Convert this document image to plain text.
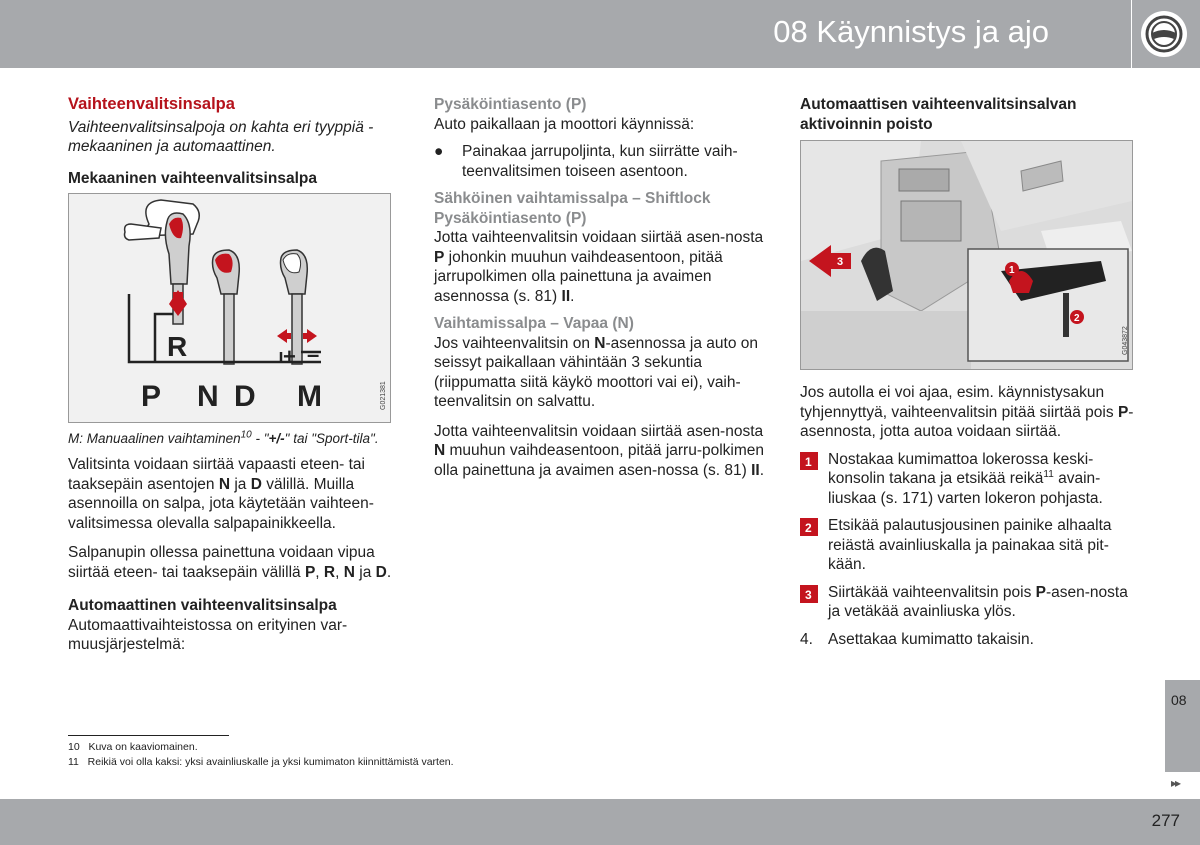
08 Käynnistys ja ajo
Vaihteenvalitsinsalpa

Vaihteenvalitsinsalpoja on kahta eri tyyppiä - mekaaninen ja automaattinen.

Mekaaninen vaihteenvalitsinsalpa
R	+ –
P N D M	G021381

M: Manuaalinen vaihtaminen$^{10}$ - "+/-" tai "Sport-tila".

Valitsinta voidaan siirtää vapaasti eteen- tai taaksepäin asentojen N ja D välillä. Muilla asennoilla on salpa, jota käytetään vaihteen-valitsimessa olevalla salpapainikkeella.

Salpanupin ollessa painettuna voidaan vipua siirtää eteen- tai taaksepäin välillä P, R, N ja D.

Automaattinen vaihteenvalitsinsalpa

Automaattivaihteistossa on erityinen var-muusjärjestelmä:

Pysäköintiasento (P)

Auto paikallaan ja moottori käynnissä:

● Painakaa jarrupoljinta, kun siirrätte vaih-teenvalitsimen toiseen asentoon.
Sähköinen vaihtamissalpa – Shiftlock
Pysäköintiasento (P)

Jotta vaihteenvalitsin voidaan siirtää asen-nosta P johonkin muuhun vaihdeasentoon, pitää jarrupolkimen olla painettuna ja avaimen asennossa (s. 81) II.

Vaihtamissalpa – Vapaa (N)

Jos vaihteenvalitsin on N-asennossa ja auto on seissyt paikallaan vähintään 3 sekuntia (riippumatta siitä käykö moottori vai ei), vaih-teenvalitsin on salvattu.

Jotta vaihteenvalitsin voidaan siirtää asen-nosta N muuhun vaihdeasentoon, pitää jarru-polkimen olla painettuna ja avaimen asen-nossa (s. 81) II.

Automaattisen vaihteenvalitsinsalvan aktivoinnin poisto
1
2
3
G043872

Jos autolla ei voi ajaa, esim. käynnistysakun tyhjennyttyä, vaihteenvalitsin pitää siirtää pois P-asennosta, jotta autoa voidaan siirtää.

1 Nostakaa kumimattoa lokerossa keski-konsolin takana ja etsikää reikä$^{11}$ avain-liuskaa (s. 171) varten lokeron pohjasta.
2 Etsikää palautusjousinen painike alhaalta reiästä avainliuskalla ja painakaa sitä pit-kään.
3 Siirtäkää vaihteenvalitsin pois P-asen-nosta ja vetäkää avainliuska ylös.
4. Asettakaa kumimatto takaisin.
10 Kuva on kaaviomainen.
11 Reikiä voi olla kaksi: yksi avainliuskalle ja yksi kumimaton kiinnittämistä varten.
08
▸▸
277
